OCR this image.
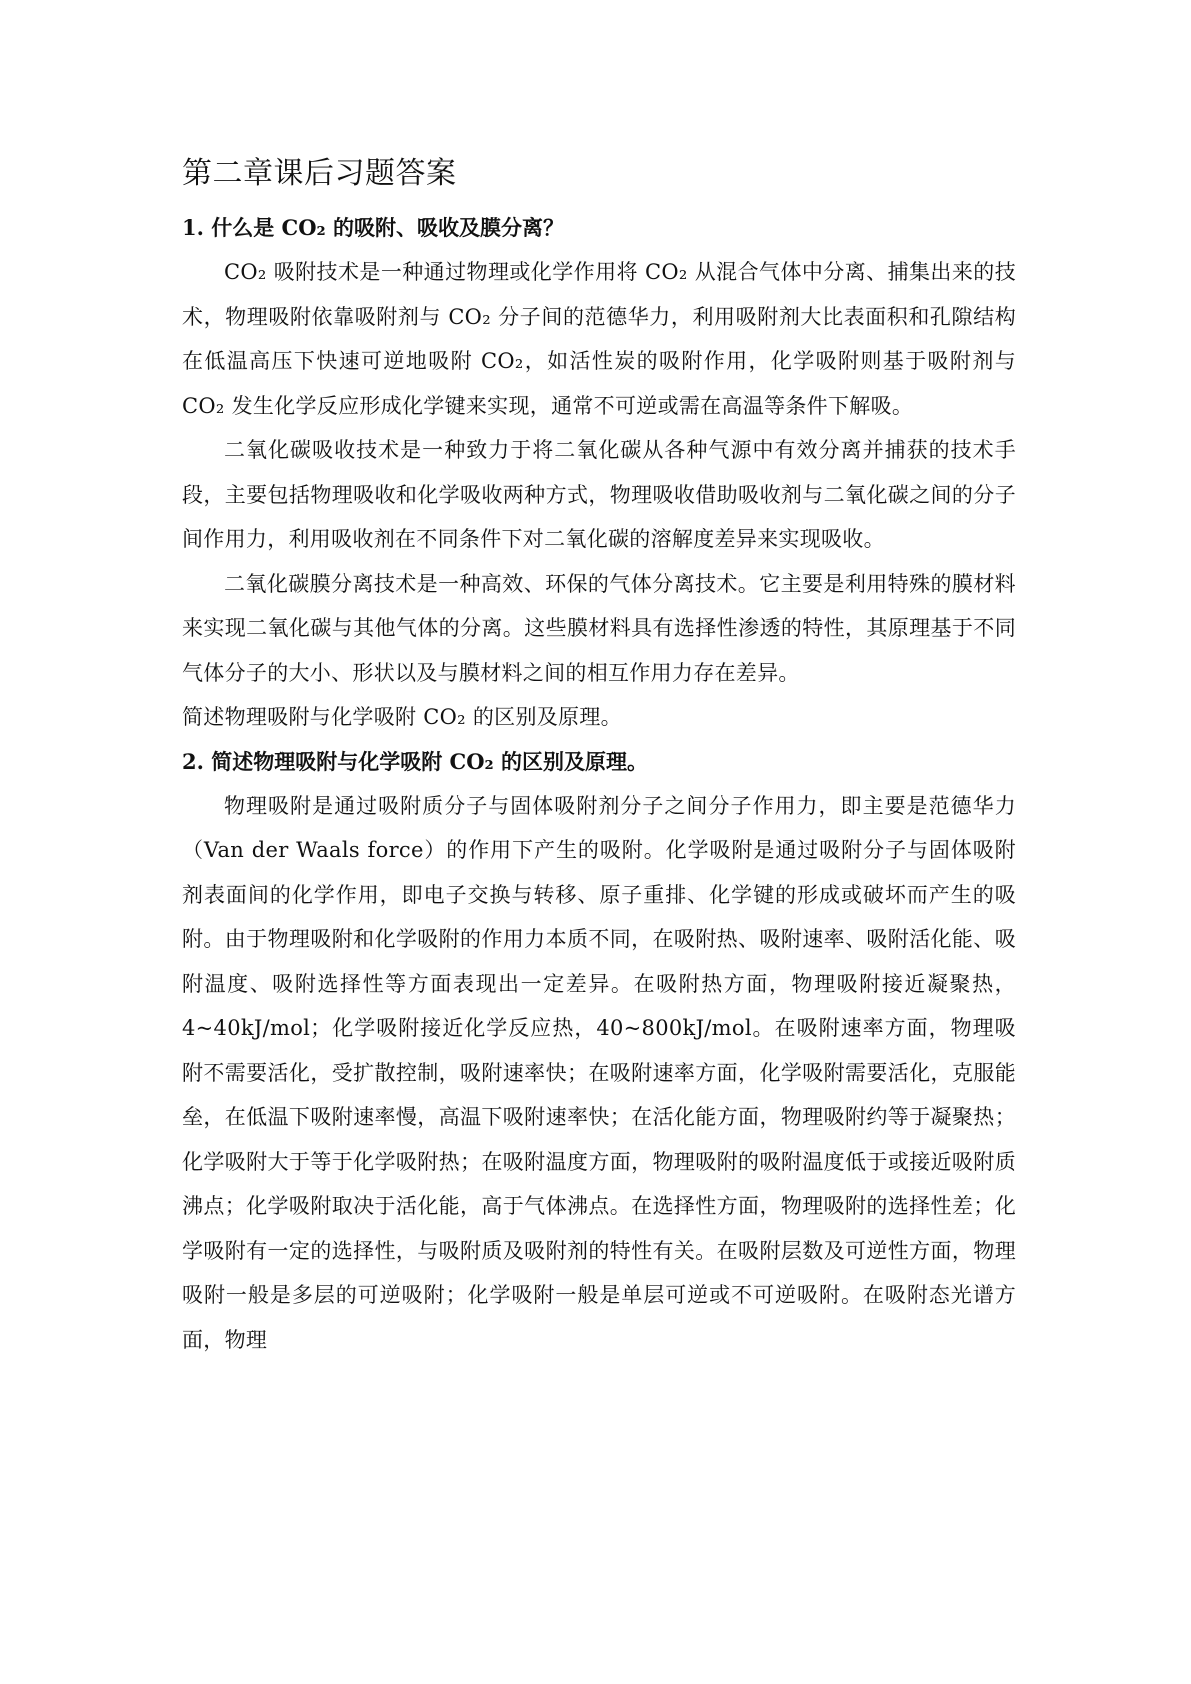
第二章课后习题答案

1. 什么是 CO₂ 的吸附、吸收及膜分离？

CO₂ 吸附技术是一种通过物理或化学作用将 CO₂ 从混合气体中分离、捕集出来的技术，物理吸附依靠吸附剂与 CO₂ 分子间的范德华力，利用吸附剂大比表面积和孔隙结构在低温高压下快速可逆地吸附 CO₂，如活性炭的吸附作用，化学吸附则基于吸附剂与 CO₂ 发生化学反应形成化学键来实现，通常不可逆或需在高温等条件下解吸。

二氧化碳吸收技术是一种致力于将二氧化碳从各种气源中有效分离并捕获的技术手段，主要包括物理吸收和化学吸收两种方式，物理吸收借助吸收剂与二氧化碳之间的分子间作用力，利用吸收剂在不同条件下对二氧化碳的溶解度差异来实现吸收。

二氧化碳膜分离技术是一种高效、环保的气体分离技术。它主要是利用特殊的膜材料来实现二氧化碳与其他气体的分离。这些膜材料具有选择性渗透的特性，其原理基于不同气体分子的大小、形状以及与膜材料之间的相互作用力存在差异。

简述物理吸附与化学吸附 CO₂ 的区别及原理。

2. 简述物理吸附与化学吸附 CO₂ 的区别及原理。

物理吸附是通过吸附质分子与固体吸附剂分子之间分子作用力，即主要是范德华力（Van der Waals force）的作用下产生的吸附。化学吸附是通过吸附分子与固体吸附剂表面间的化学作用，即电子交换与转移、原子重排、化学键的形成或破坏而产生的吸附。由于物理吸附和化学吸附的作用力本质不同，在吸附热、吸附速率、吸附活化能、吸附温度、吸附选择性等方面表现出一定差异。在吸附热方面，物理吸附接近凝聚热，4~40kJ/mol；化学吸附接近化学反应热，40~800kJ/mol。在吸附速率方面，物理吸附不需要活化，受扩散控制，吸附速率快；在吸附速率方面，化学吸附需要活化，克服能垒，在低温下吸附速率慢，高温下吸附速率快；在活化能方面，物理吸附约等于凝聚热；化学吸附大于等于化学吸附热；在吸附温度方面，物理吸附的吸附温度低于或接近吸附质沸点；化学吸附取决于活化能，高于气体沸点。在选择性方面，物理吸附的选择性差；化学吸附有一定的选择性，与吸附质及吸附剂的特性有关。在吸附层数及可逆性方面，物理吸附一般是多层的可逆吸附；化学吸附一般是单层可逆或不可逆吸附。在吸附态光谱方面，物理
